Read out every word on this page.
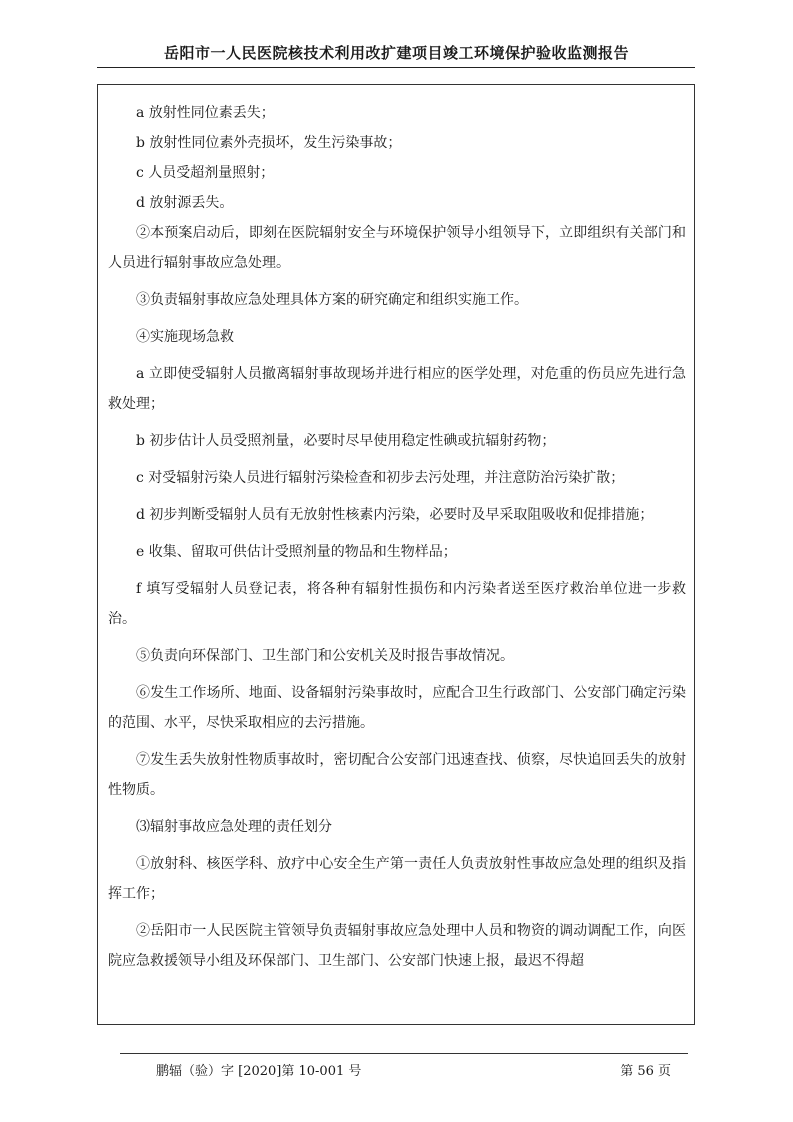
岳阳市一人民医院核技术利用改扩建项目竣工环境保护验收监测报告

a 放射性同位素丢失；

b 放射性同位素外壳损坏，发生污染事故；

c 人员受超剂量照射；

d 放射源丢失。

②本预案启动后，即刻在医院辐射安全与环境保护领导小组领导下，立即组织有关部门和人员进行辐射事故应急处理。

③负责辐射事故应急处理具体方案的研究确定和组织实施工作。

④实施现场急救

a 立即使受辐射人员撤离辐射事故现场并进行相应的医学处理，对危重的伤员应先进行急救处理；

b 初步估计人员受照剂量，必要时尽早使用稳定性碘或抗辐射药物；

c 对受辐射污染人员进行辐射污染检查和初步去污处理，并注意防治污染扩散；

d 初步判断受辐射人员有无放射性核素内污染，必要时及早采取阻吸收和促排措施；

e 收集、留取可供估计受照剂量的物品和生物样品；

f 填写受辐射人员登记表，将各种有辐射性损伤和内污染者送至医疗救治单位进一步救治。

⑤负责向环保部门、卫生部门和公安机关及时报告事故情况。

⑥发生工作场所、地面、设备辐射污染事故时，应配合卫生行政部门、公安部门确定污染的范围、水平，尽快采取相应的去污措施。

⑦发生丢失放射性物质事故时，密切配合公安部门迅速查找、侦察，尽快追回丢失的放射性物质。

⑶辐射事故应急处理的责任划分

①放射科、核医学科、放疗中心安全生产第一责任人负责放射性事故应急处理的组织及指挥工作；

②岳阳市一人民医院主管领导负责辐射事故应急处理中人员和物资的调动调配工作，向医院应急救援领导小组及环保部门、卫生部门、公安部门快速上报，最迟不得超

鹏辐（验）字 [2020]第 10-001 号	第 56 页
